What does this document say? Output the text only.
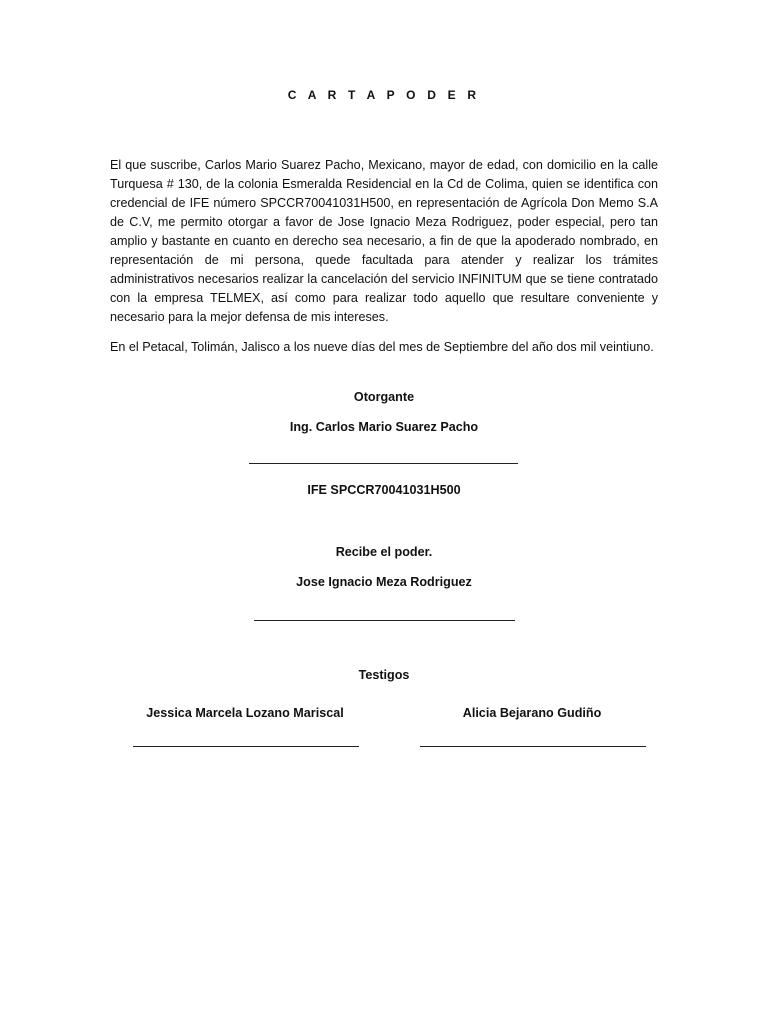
C A R T A P O D E R

El que suscribe, Carlos Mario Suarez Pacho, Mexicano, mayor de edad, con domicilio en la calle Turquesa # 130, de la colonia Esmeralda Residencial en la Cd de Colima, quien se identifica con credencial de IFE número SPCCR70041031H500, en representación de Agrícola Don Memo S.A de C.V, me permito otorgar a favor de Jose Ignacio Meza Rodriguez, poder especial, pero tan amplio y bastante en cuanto en derecho sea necesario, a fin de que la apoderado nombrado, en representación de mi persona, quede facultada para atender y realizar los trámites administrativos necesarios realizar la cancelación del servicio INFINITUM que se tiene contratado con la empresa TELMEX, así como para realizar todo aquello que resultare conveniente y necesario para la mejor defensa de mis intereses.

En el Petacal, Tolimán, Jalisco a los nueve días del mes de Septiembre del año dos mil veintiuno.

Otorgante
Ing. Carlos Mario Suarez Pacho
IFE SPCCR70041031H500
Recibe el poder.
Jose Ignacio Meza Rodriguez
Testigos
Jessica Marcela Lozano Mariscal	Alicia Bejarano Gudiño
